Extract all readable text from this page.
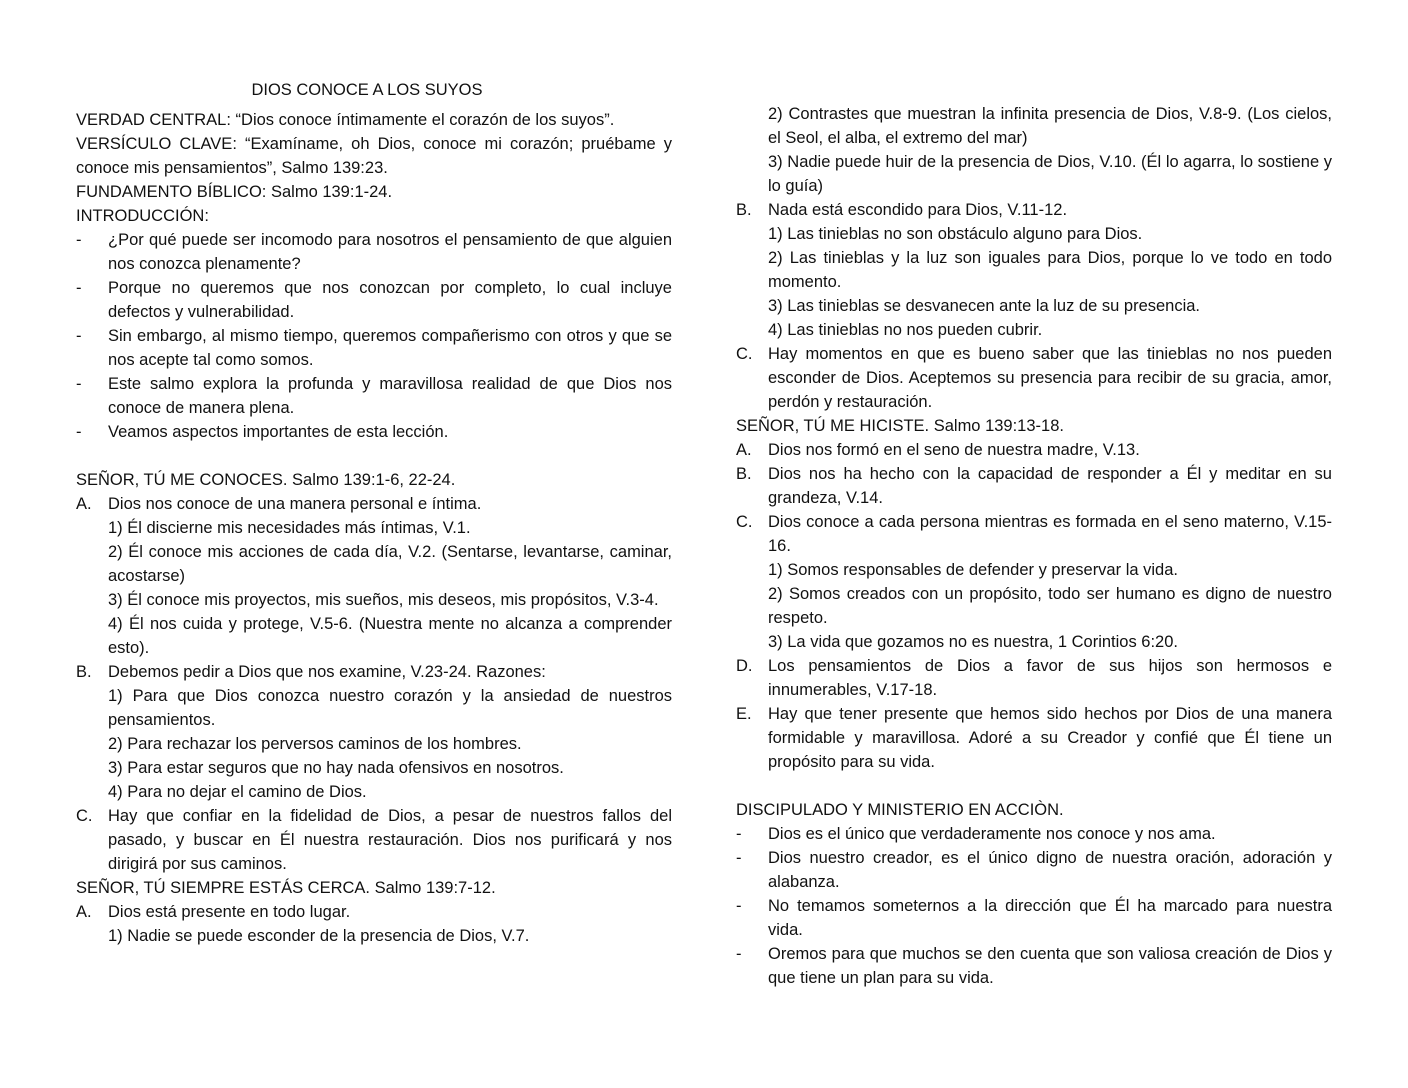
DIOS CONOCE A LOS SUYOS
VERDAD CENTRAL: “Dios conoce íntimamente el corazón de los suyos”.
VERSÍCULO CLAVE: “Examíname, oh Dios, conoce mi corazón; pruébame y conoce mis pensamientos”, Salmo 139:23.
FUNDAMENTO BÍBLICO: Salmo 139:1-24.
INTRODUCCIÓN:
-	¿Por qué puede ser incomodo para nosotros el pensamiento de que alguien nos conozca plenamente?
-	Porque no queremos que nos conozcan por completo, lo cual incluye defectos y vulnerabilidad.
-	Sin embargo, al mismo tiempo, queremos compañerismo con otros y que se nos acepte tal como somos.
-	Este salmo explora la profunda y maravillosa realidad de que Dios nos conoce de manera plena.
-	Veamos aspectos importantes de esta lección.
SEÑOR, TÚ ME CONOCES. Salmo 139:1-6, 22-24.
A. Dios nos conoce de una manera personal e íntima.
1) Él discierne mis necesidades más íntimas, V.1.
2) Él conoce mis acciones de cada día, V.2. (Sentarse, levantarse, caminar, acostarse)
3) Él conoce mis proyectos, mis sueños, mis deseos, mis propósitos, V.3-4.
4) Él nos cuida y protege, V.5-6. (Nuestra mente no alcanza a comprender esto).
B. Debemos pedir a Dios que nos examine, V.23-24. Razones:
1) Para que Dios conozca nuestro corazón y la ansiedad de nuestros pensamientos.
2) Para rechazar los perversos caminos de los hombres.
3) Para estar seguros que no hay nada ofensivos en nosotros.
4) Para no dejar el camino de Dios.
C. Hay que confiar en la fidelidad de Dios, a pesar de nuestros fallos del pasado, y buscar en Él nuestra restauración. Dios nos purificará y nos dirigirá por sus caminos.
SEÑOR, TÚ SIEMPRE ESTÁS CERCA. Salmo 139:7-12.
A. Dios está presente en todo lugar.
1) Nadie se puede esconder de la presencia de Dios, V.7.
2) Contrastes que muestran la infinita presencia de Dios, V.8-9. (Los cielos, el Seol, el alba, el extremo del mar)
3) Nadie puede huir de la presencia de Dios, V.10. (Él lo agarra, lo sostiene y lo guía)
B. Nada está escondido para Dios, V.11-12.
1) Las tinieblas no son obstáculo alguno para Dios.
2) Las tinieblas y la luz son iguales para Dios, porque lo ve todo en todo momento.
3) Las tinieblas se desvanecen ante la luz de su presencia.
4) Las tinieblas no nos pueden cubrir.
C. Hay momentos en que es bueno saber que las tinieblas no nos pueden esconder de Dios. Aceptemos su presencia para recibir de su gracia, amor, perdón y restauración.
SEÑOR, TÚ ME HICISTE. Salmo 139:13-18.
A. Dios nos formó en el seno de nuestra madre, V.13.
B. Dios nos ha hecho con la capacidad de responder a Él y meditar en su grandeza, V.14.
C. Dios conoce a cada persona mientras es formada en el seno materno, V.15-16.
1) Somos responsables de defender y preservar la vida.
2) Somos creados con un propósito, todo ser humano es digno de nuestro respeto.
3) La vida que gozamos no es nuestra, 1 Corintios 6:20.
D. Los pensamientos de Dios a favor de sus hijos son hermosos e innumerables, V.17-18.
E. Hay que tener presente que hemos sido hechos por Dios de una manera formidable y maravillosa. Adoré a su Creador y confié que Él tiene un propósito para su vida.
DISCIPULADO Y MINISTERIO EN ACCIÒN.
-	Dios es el único que verdaderamente nos conoce y nos ama.
-	Dios nuestro creador, es el único digno de nuestra oración, adoración y alabanza.
-	No temamos someternos a la dirección que Él ha marcado para nuestra vida.
-	Oremos para que muchos se den cuenta que son valiosa creación de Dios y que tiene un plan para su vida.
